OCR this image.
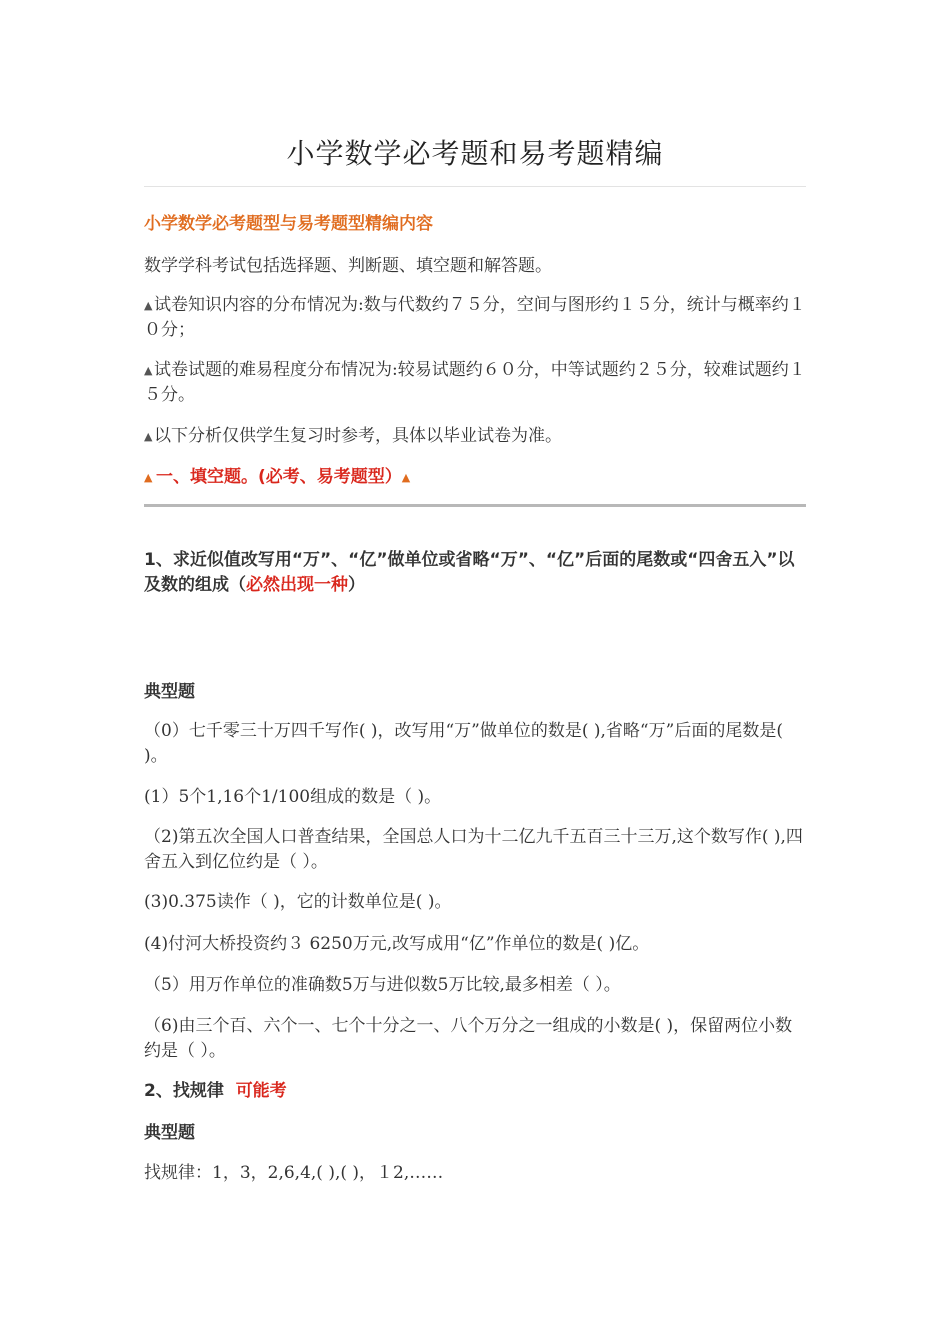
小学数学必考题和易考题精编

小学数学必考题型与易考题型精编内容

数学学科考试包括选择题、判断题、填空题和解答题。

▲试卷知识内容的分布情况为:数与代数约７５分，空间与图形约１５分，统计与概率约１０分；

▲试卷试题的难易程度分布情况为:较易试题约６０分，中等试题约２５分，较难试题约１５分。

▲以下分析仅供学生复习时参考，具体以毕业试卷为准。

▲ 一、填空题。(必考、易考题型）▲

1、求近似值改写用“万”、“亿”做单位或省略“万”、“亿”后面的尾数或“四舍五入”以及数的组成（必然出现一种）

典型题

（0）七千零三十万四千写作( )，改写用“万”做单位的数是( ),省略“万”后面的尾数是( )。

(1）5个1,16个1/100组成的数是（ )。

（2)第五次全国人口普查结果，全国总人口为十二亿九千五百三十三万,这个数写作( ),四舍五入到亿位约是（ ）。

(3)0.375读作（ )，它的计数单位是( )。

(4)付河大桥投资约３ 6250万元,改写成用“亿”作单位的数是( )亿。

（5）用万作单位的准确数5万与进似数5万比较,最多相差（ ）。

（6)由三个百、六个一、七个十分之一、八个万分之一组成的小数是( )，保留两位小数约是（ ）。

2、找规律 可能考

典型题

找规律：1，3，2,6,4,( ),( )，１2,……
